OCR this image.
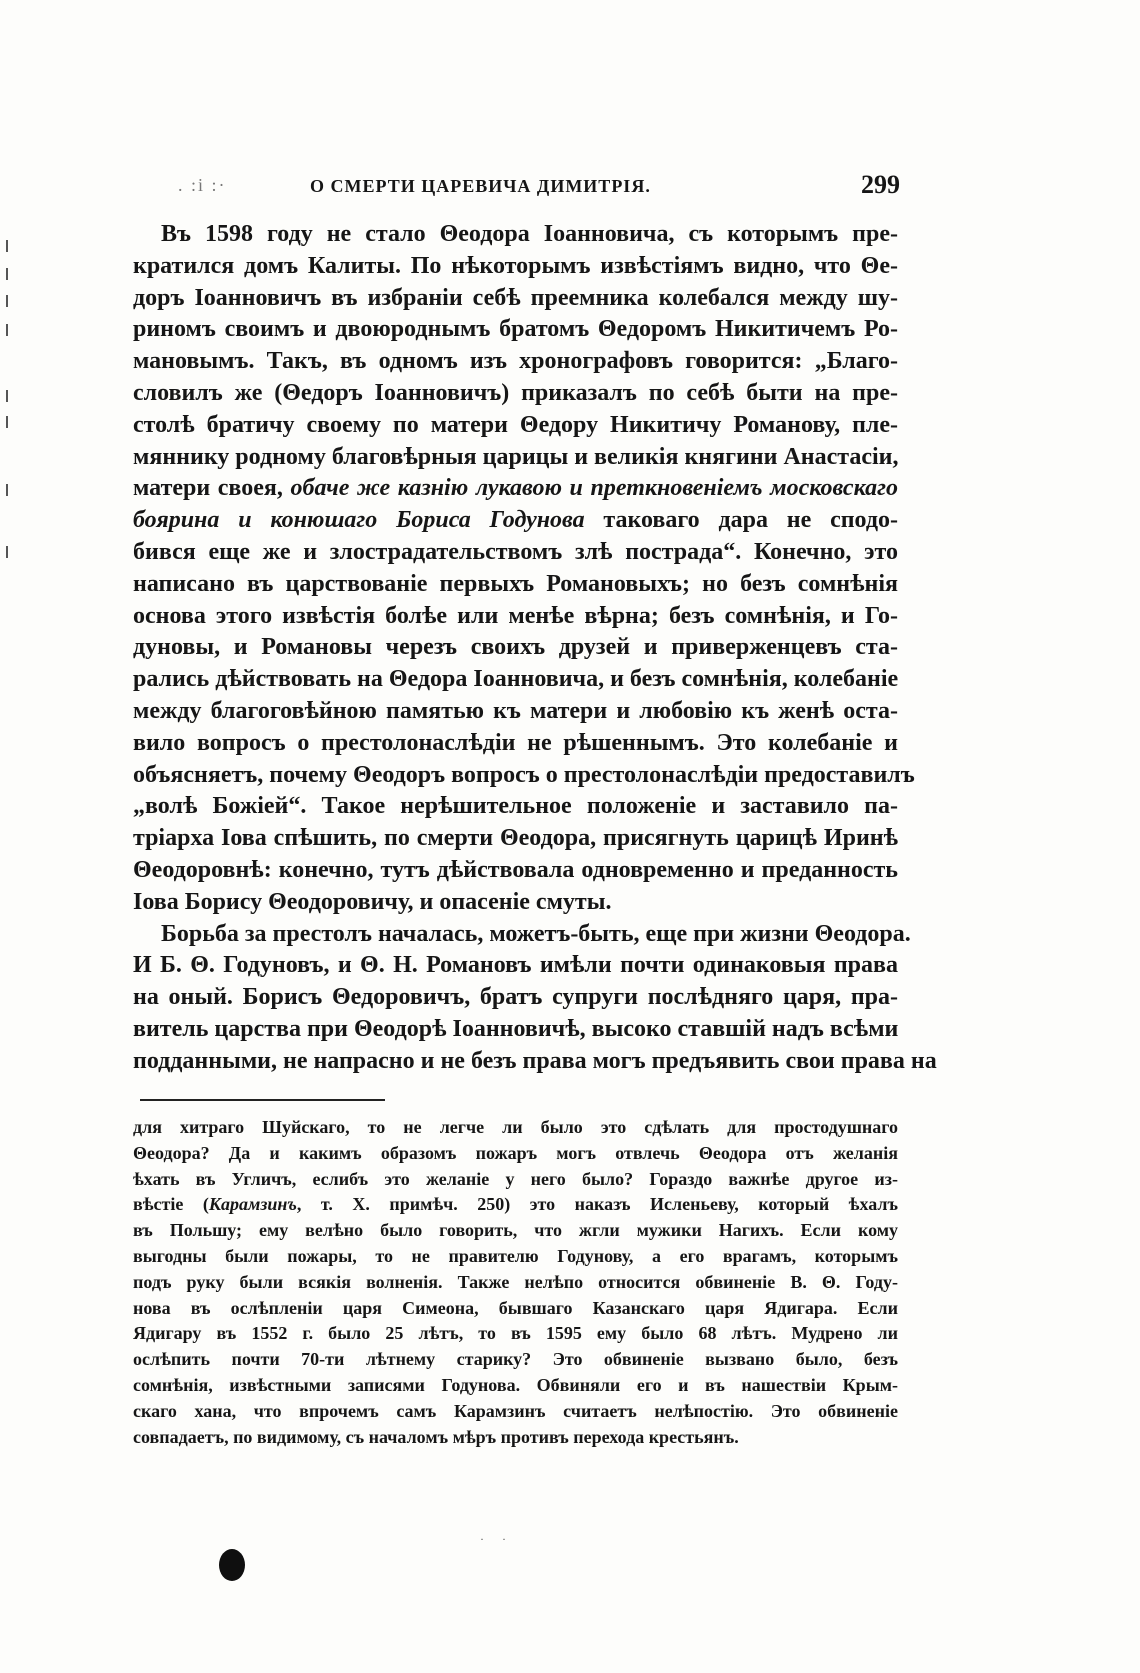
. :i :·	О СМЕРТИ ЦАРЕВИЧА ДИМИТРІЯ.	299
Въ 1598 году не стало Θеодора Іоанновича, съ которымъ пре-
кратился домъ Калиты. По нѣкоторымъ извѣстіямъ видно, что Θе-
доръ Іоанновичъ въ избраніи себѣ преемника колебался между шу-
риномъ своимъ и двоюроднымъ братомъ Θедоромъ Никитичемъ Ро-
мановымъ. Такъ, въ одномъ изъ хронографовъ говорится: „Благо-
словилъ же (Θедоръ Іоанновичъ) приказалъ по себѣ быти на пре-
столѣ братичу своему по матери Θедору Никитичу Романову, пле-
мяннику родному благовѣрныя царицы и великія княгини Анастасіи,
матери своея, обаче же казнію лукавою и преткновеніемъ московскаго
боярина и конюшаго Бориса Годунова таковаго дара не сподо-
бився еще же и злострадательствомъ злѣ пострада“. Конечно, это
написано въ царствованіе первыхъ Романовыхъ; но безъ сомнѣнія
основа этого извѣстія болѣе или менѣе вѣрна; безъ сомнѣнія, и Го-
дуновы, и Романовы черезъ своихъ друзей и приверженцевъ ста-
рались дѣйствовать на Θедора Іоанновича, и безъ сомнѣнія, колебаніе
между благоговѣйною памятью къ матери и любовію къ женѣ оста-
вило вопросъ о престолонаслѣдіи не рѣшеннымъ. Это колебаніе и
объясняетъ, почему Θеодоръ вопросъ о престолонаслѣдіи предоставилъ
„волѣ Божіей“. Такое нерѣшительное положеніе и заставило па-
тріарха Іова спѣшить, по смерти Θеодора, присягнуть царицѣ Иринѣ
Θеодоровнѣ: конечно, тутъ дѣйствовала одновременно и преданность
Іова Борису Θеодоровичу, и опасеніе смуты.
Борьба за престолъ началась, можетъ-быть, еще при жизни Θеодора.
И Б. Θ. Годуновъ, и Θ. Н. Романовъ имѣли почти одинаковыя права
на оный. Борисъ Θедоровичъ, братъ супруги послѣдняго царя, пра-
витель царства при Θеодорѣ Іоанновичѣ, высоко ставшій надъ всѣми
подданными, не напрасно и не безъ права могъ предъявить свои права на
для хитраго Шуйскаго, то не легче ли было это сдѣлать для простодушнаго
Θеодора? Да и какимъ образомъ пожаръ могъ отвлечь Θеодора отъ желанія
ѣхать въ Угличъ, еслибъ это желаніе у него было? Гораздо важнѣе другое из-
вѣстіе (Карамзинъ, т. X. примѣч. 250) это наказъ Исленьеву, который ѣхалъ
въ Польшу; ему велѣно было говорить, что жгли мужики Нагихъ. Если кому
выгодны были пожары, то не правителю Годунову, а его врагамъ, которымъ
подъ руку были всякія волненія. Также нелѣпо относится обвиненіе В. Θ. Году-
нова въ ослѣпленіи царя Симеона, бывшаго Казанскаго царя Ядигара. Если
Ядигару въ 1552 г. было 25 лѣтъ, то въ 1595 ему было 68 лѣтъ. Мудрено ли
ослѣпить почти 70-ти лѣтнему старику? Это обвиненіе вызвано было, безъ
сомнѣнія, извѣстными записями Годунова. Обвиняли его и въ нашествіи Крым-
скаго хана, что впрочемъ самъ Карамзинъ считаетъ нелѣпостію. Это обвиненіе
совпадаетъ, по видимому, съ началомъ мѣръ противъ перехода крестьянъ.
·      ·
